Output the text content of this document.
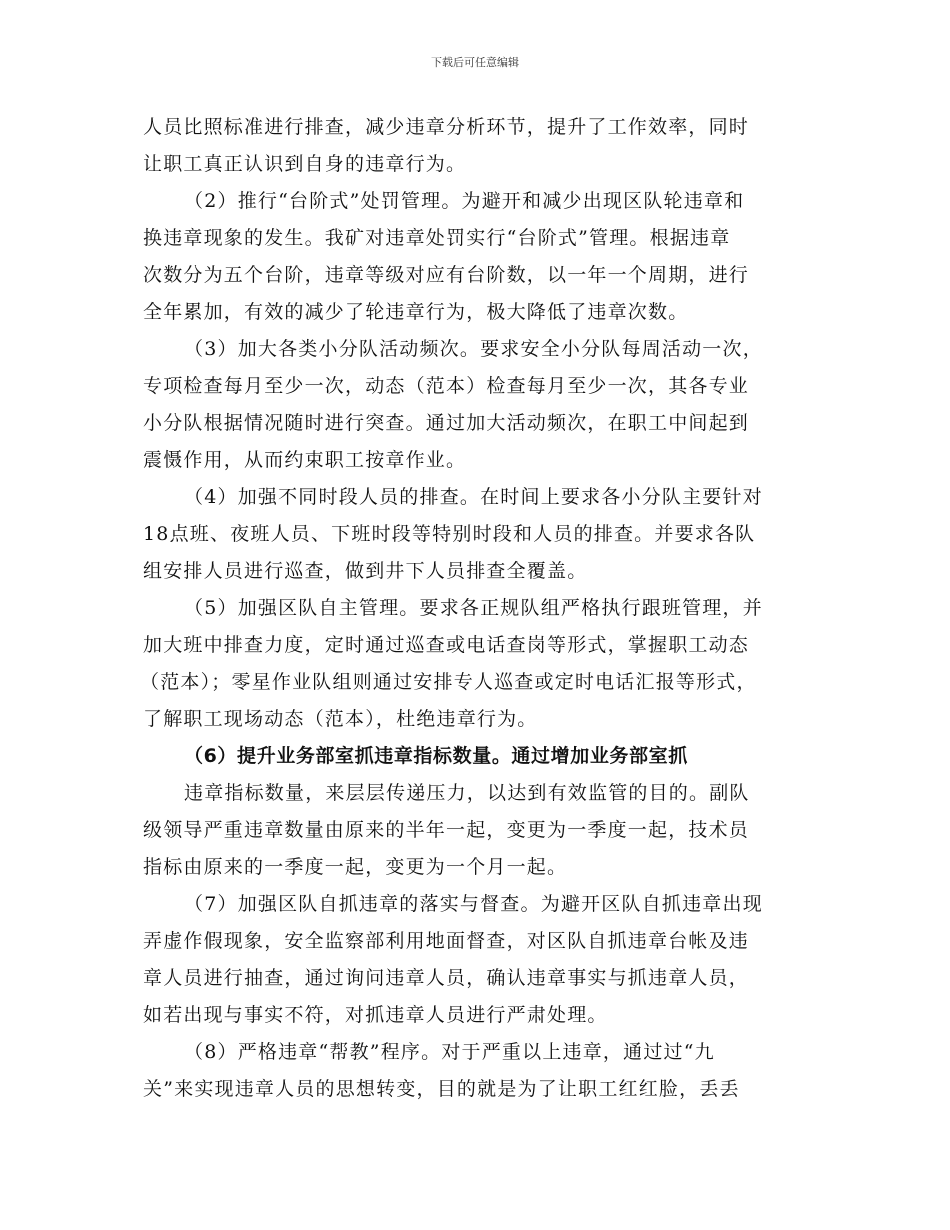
下载后可任意编辑
人员比照标准进行排查，减少违章分析环节，提升了工作效率，同时
让职工真正认识到自身的违章行为。
（2）推行“台阶式”处罚管理。为避开和减少出现区队轮违章和
换违章现象的发生。我矿对违章处罚实行“台阶式”管理。根据违章
次数分为五个台阶，违章等级对应有台阶数，以一年一个周期，进行
全年累加，有效的减少了轮违章行为，极大降低了违章次数。
（3）加大各类小分队活动频次。要求安全小分队每周活动一次，
专项检查每月至少一次，动态（范本）检查每月至少一次，其各专业
小分队根据情况随时进行突查。通过加大活动频次，在职工中间起到
震慑作用，从而约束职工按章作业。
（4）加强不同时段人员的排查。在时间上要求各小分队主要针对
18点班、夜班人员、下班时段等特别时段和人员的排查。并要求各队
组安排人员进行巡查，做到井下人员排查全覆盖。
（5）加强区队自主管理。要求各正规队组严格执行跟班管理，并
加大班中排查力度，定时通过巡查或电话查岗等形式，掌握职工动态
（范本）；零星作业队组则通过安排专人巡查或定时电话汇报等形式，
了解职工现场动态（范本），杜绝违章行为。
（6）提升业务部室抓违章指标数量。通过增加业务部室抓
违章指标数量，来层层传递压力，以达到有效监管的目的。副队
级领导严重违章数量由原来的半年一起，变更为一季度一起，技术员
指标由原来的一季度一起，变更为一个月一起。
（7）加强区队自抓违章的落实与督查。为避开区队自抓违章出现
弄虚作假现象，安全监察部利用地面督查，对区队自抓违章台帐及违
章人员进行抽查，通过询问违章人员，确认违章事实与抓违章人员，
如若出现与事实不符，对抓违章人员进行严肃处理。
（8）严格违章“帮教”程序。对于严重以上违章，通过过“九
关”来实现违章人员的思想转变，目的就是为了让职工红红脸，丢丢
